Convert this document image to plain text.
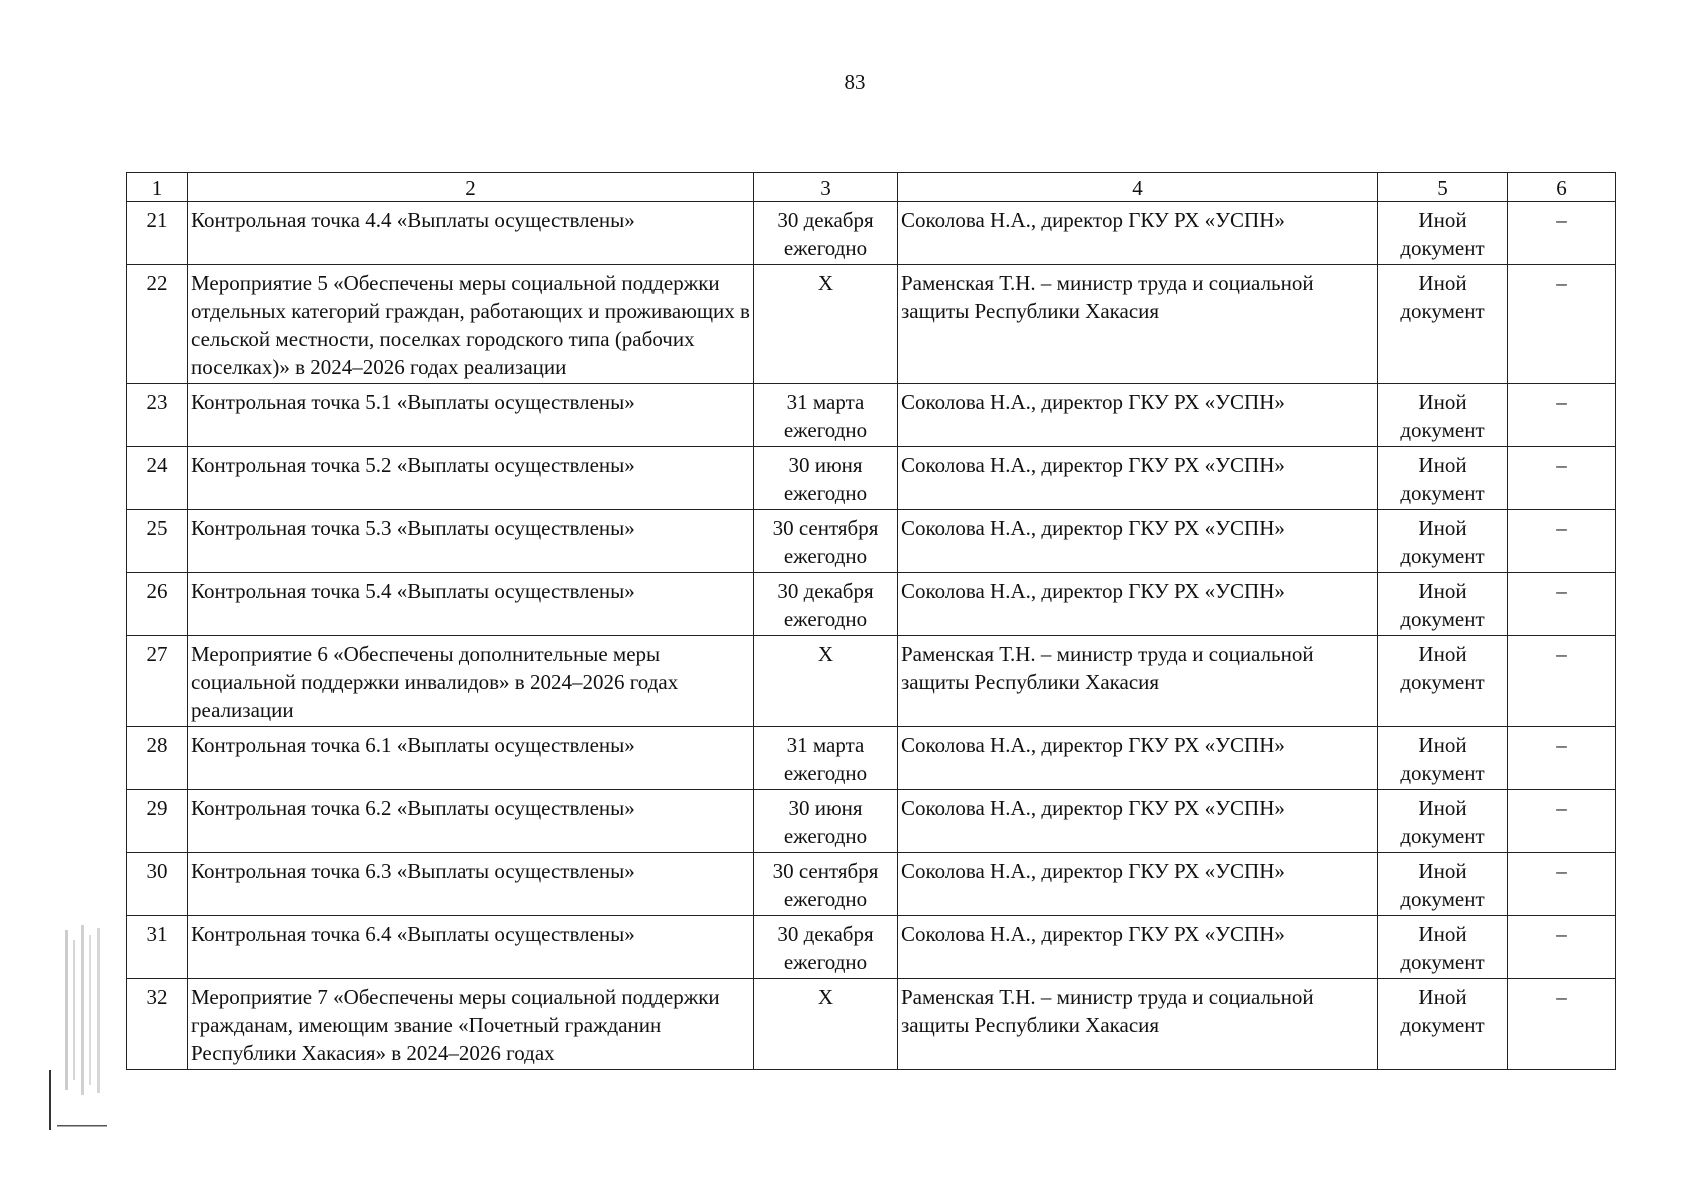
83
1	2	3	4	5	6
21	Контрольная точка 4.4 «Выплаты осуществлены»	30 декабря ежегодно	Соколова Н.А., директор ГКУ РХ «УСПН»	Иной документ	–
22	Мероприятие 5 «Обеспечены меры социальной поддержки отдельных категорий граждан, работающих и проживающих в сельской местности, поселках городского типа (рабочих поселках)» в 2024–2026 годах реализации	Х	Раменская Т.Н. – министр труда и социальной защиты Республики Хакасия	Иной документ	–
23	Контрольная точка 5.1 «Выплаты осуществлены»	31 марта ежегодно	Соколова Н.А., директор ГКУ РХ «УСПН»	Иной документ	–
24	Контрольная точка 5.2 «Выплаты осуществлены»	30 июня ежегодно	Соколова Н.А., директор ГКУ РХ «УСПН»	Иной документ	–
25	Контрольная точка 5.3 «Выплаты осуществлены»	30 сентября ежегодно	Соколова Н.А., директор ГКУ РХ «УСПН»	Иной документ	–
26	Контрольная точка 5.4 «Выплаты осуществлены»	30 декабря ежегодно	Соколова Н.А., директор ГКУ РХ «УСПН»	Иной документ	–
27	Мероприятие 6 «Обеспечены дополнительные меры социальной поддержки инвалидов» в 2024–2026 годах реализации	Х	Раменская Т.Н. – министр труда и социальной защиты Республики Хакасия	Иной документ	–
28	Контрольная точка 6.1 «Выплаты осуществлены»	31 марта ежегодно	Соколова Н.А., директор ГКУ РХ «УСПН»	Иной документ	–
29	Контрольная точка 6.2 «Выплаты осуществлены»	30 июня ежегодно	Соколова Н.А., директор ГКУ РХ «УСПН»	Иной документ	–
30	Контрольная точка 6.3 «Выплаты осуществлены»	30 сентября ежегодно	Соколова Н.А., директор ГКУ РХ «УСПН»	Иной документ	–
31	Контрольная точка 6.4 «Выплаты осуществлены»	30 декабря ежегодно	Соколова Н.А., директор ГКУ РХ «УСПН»	Иной документ	–
32	Мероприятие 7 «Обеспечены меры социальной поддержки гражданам, имеющим звание «Почетный гражданин Республики Хакасия» в 2024–2026 годах	Х	Раменская Т.Н. – министр труда и социальной защиты Республики Хакасия	Иной документ	–
